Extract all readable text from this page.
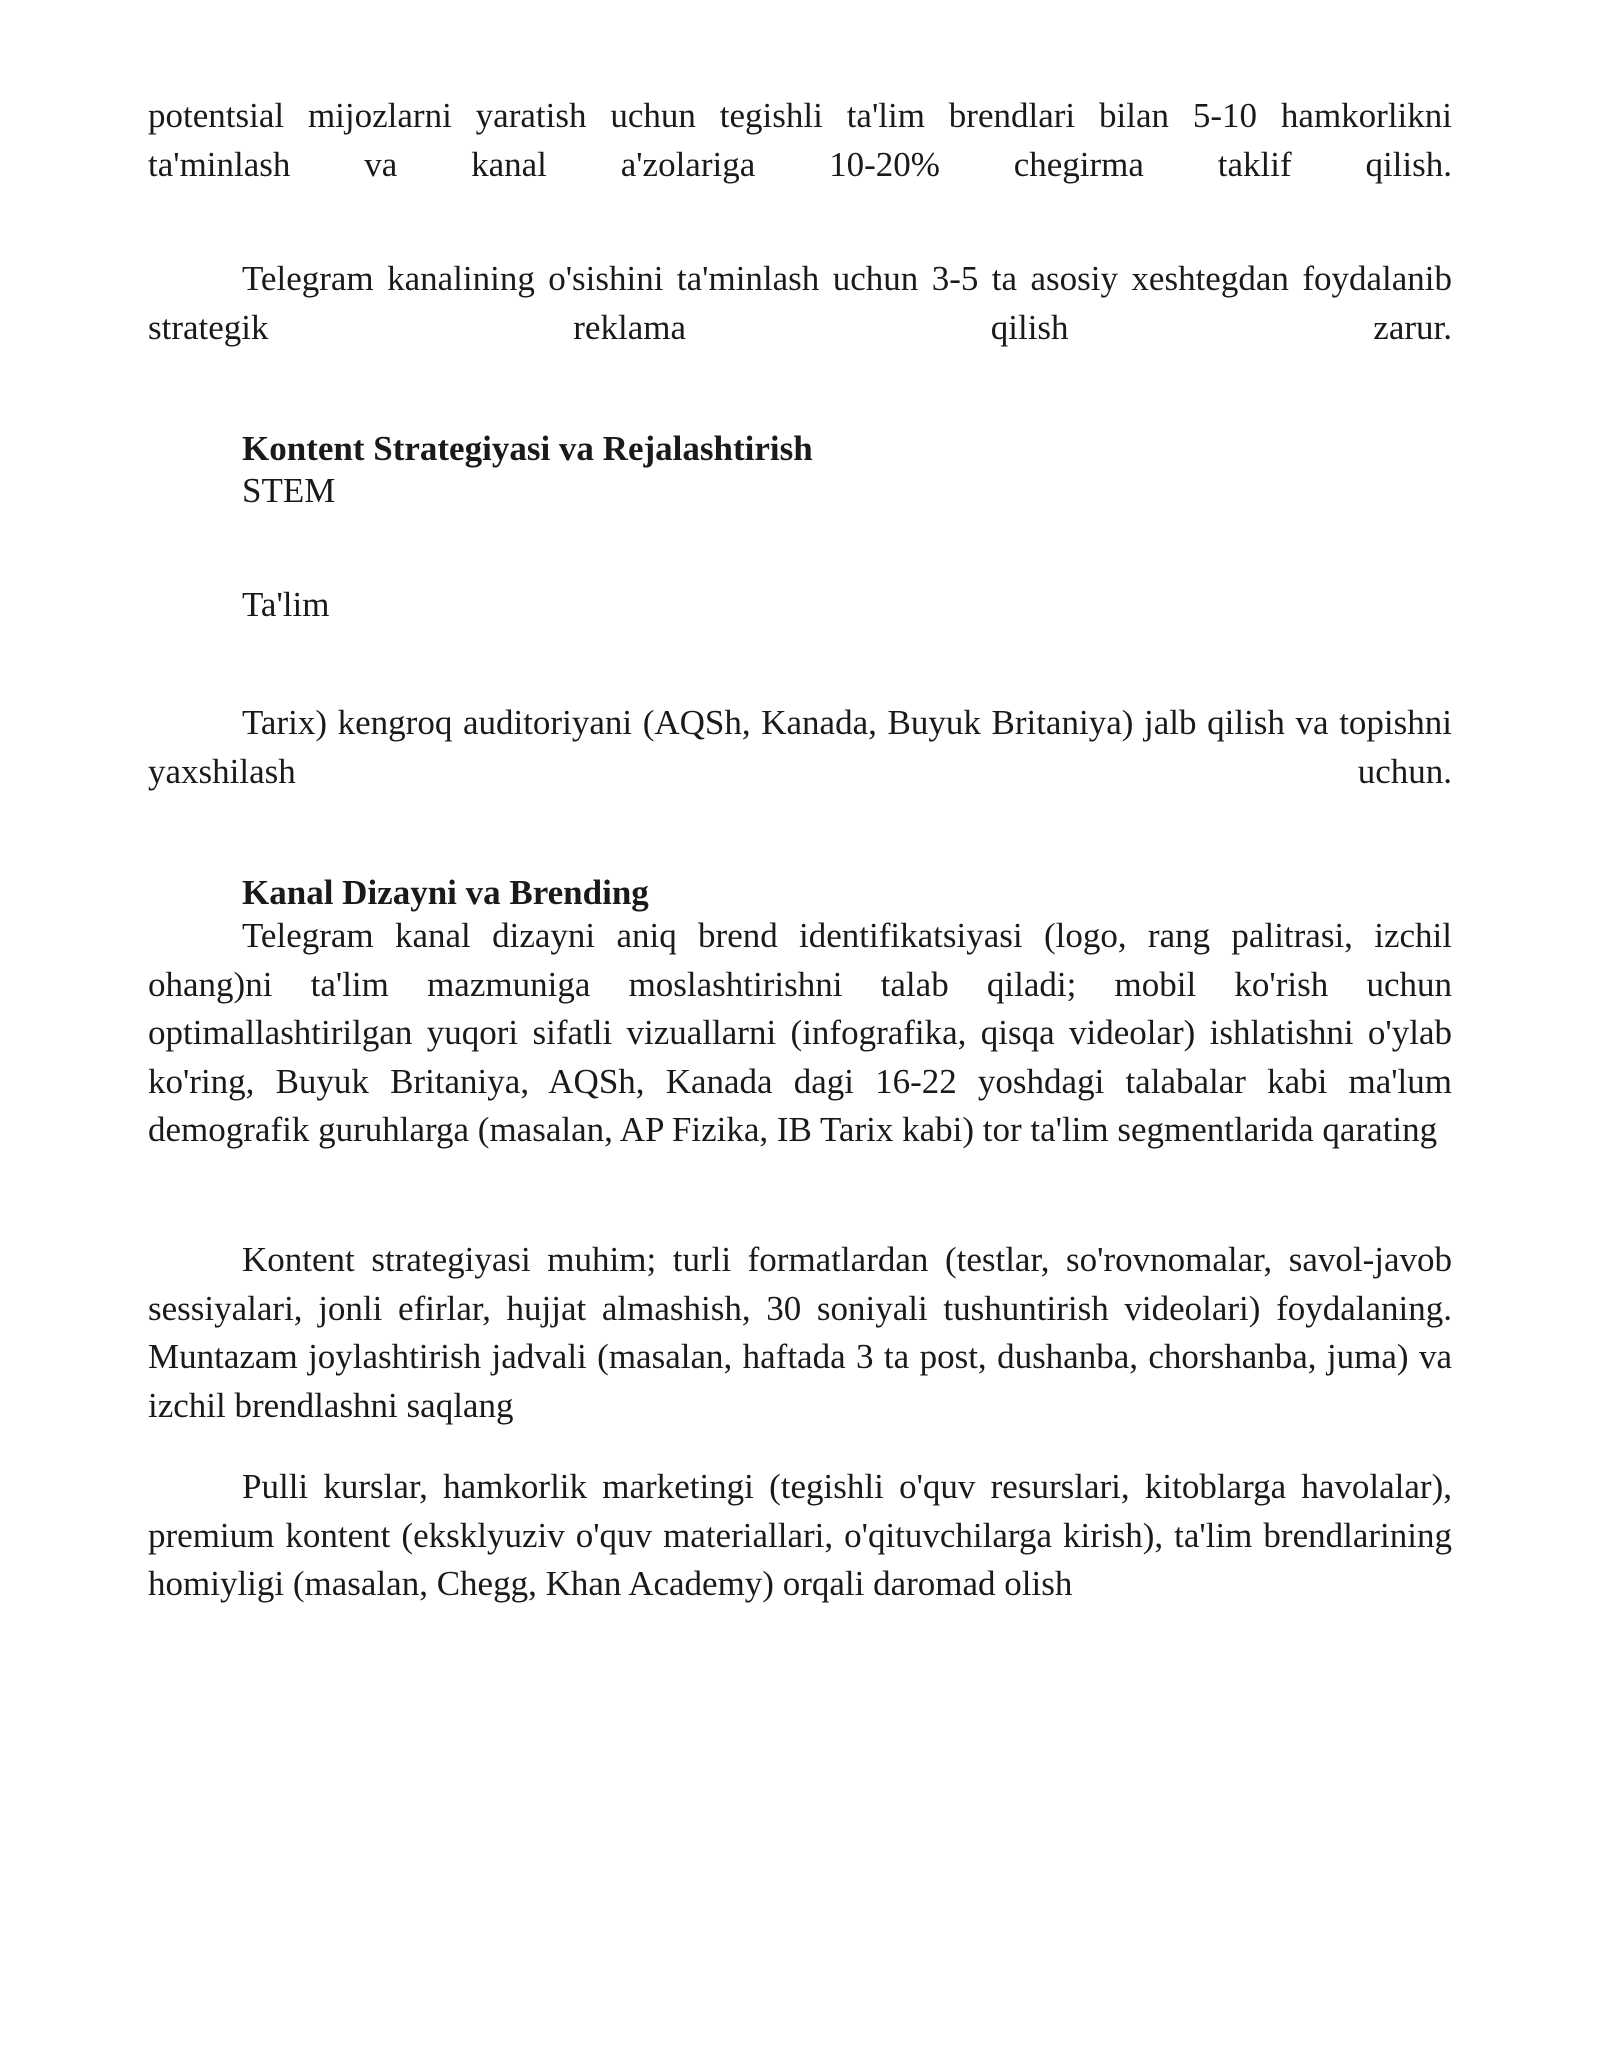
potentsial mijozlarni yaratish uchun tegishli ta'lim brendlari bilan 5-10 hamkorlikni ta'minlash va kanal a'zolariga 10-20% chegirma taklif qilish.

Telegram kanalining o'sishini ta'minlash uchun 3-5 ta asosiy xeshtegdan foydalanib strategik reklama qilish zarur.

Kontent Strategiyasi va Rejalashtirish

STEM

Ta'lim

Tarix) kengroq auditoriyani (AQSh, Kanada, Buyuk Britaniya) jalb qilish va topishni yaxshilash uchun.

Kanal Dizayni va Brending

Telegram kanal dizayni aniq brend identifikatsiyasi (logo, rang palitrasi, izchil ohang)ni ta'lim mazmuniga moslashtirishni talab qiladi; mobil ko'rish uchun optimallashtirilgan yuqori sifatli vizuallarni (infografika, qisqa videolar) ishlatishni o'ylab ko'ring, Buyuk Britaniya, AQSh, Kanada dagi 16-22 yoshdagi talabalar kabi ma'lum demografik guruhlarga (masalan, AP Fizika, IB Tarix kabi) tor ta'lim segmentlarida qarating

Kontent strategiyasi muhim; turli formatlardan (testlar, so'rovnomalar, savol-javob sessiyalari, jonli efirlar, hujjat almashish, 30 soniyali tushuntirish videolari) foydalaning. Muntazam joylashtirish jadvali (masalan, haftada 3 ta post, dushanba, chorshanba, juma) va izchil brendlashni saqlang

Pulli kurslar, hamkorlik marketingi (tegishli o'quv resurslari, kitoblarga havolalar), premium kontent (eksklyuziv o'quv materiallari, o'qituvchilarga kirish), ta'lim brendlarining homiyligi (masalan, Chegg, Khan Academy) orqali daromad olish
